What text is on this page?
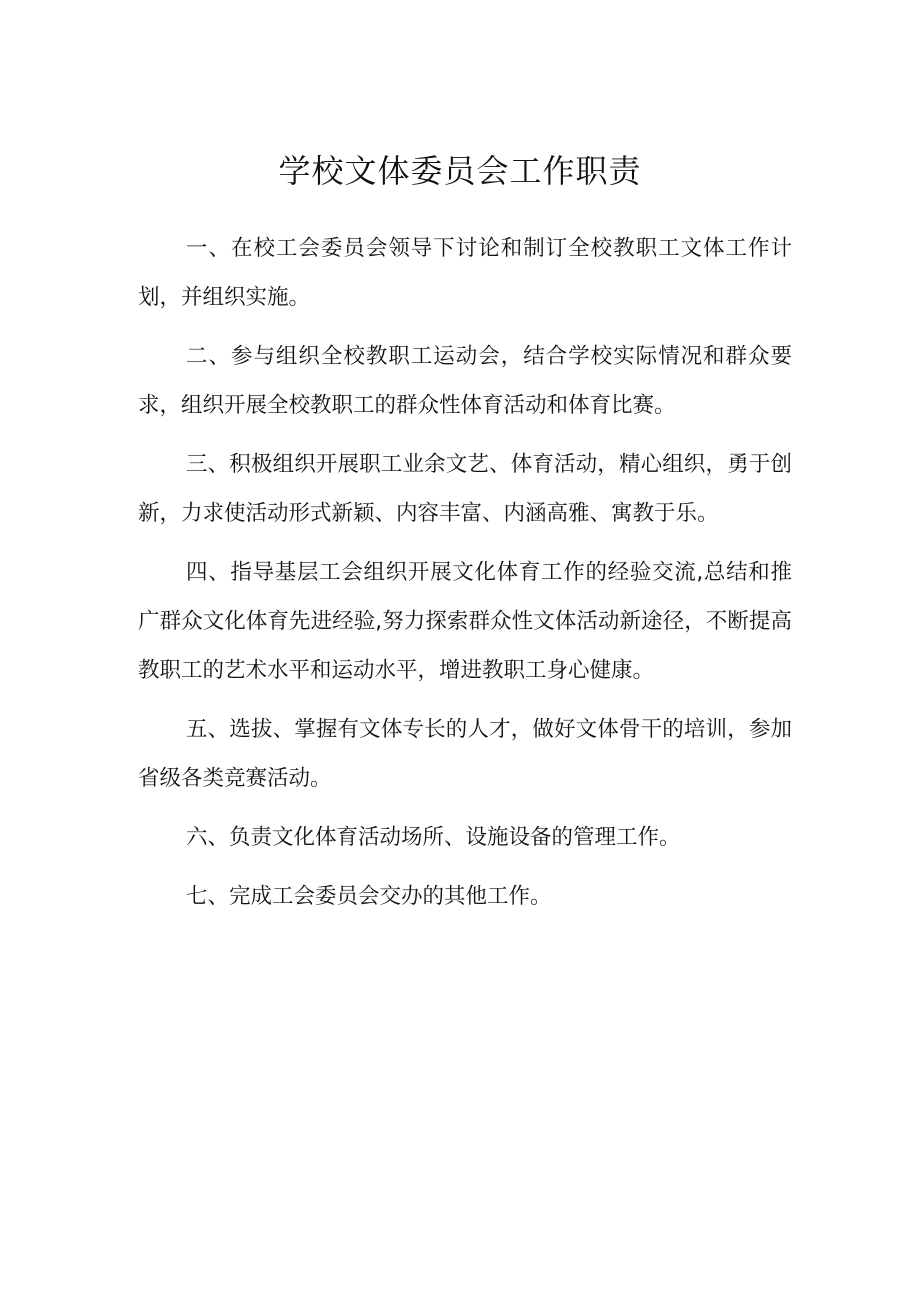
学校文体委员会工作职责

一、在校工会委员会领导下讨论和制订全校教职工文体工作计划，并组织实施。

二、参与组织全校教职工运动会，结合学校实际情况和群众要求，组织开展全校教职工的群众性体育活动和体育比赛。

三、积极组织开展职工业余文艺、体育活动，精心组织，勇于创新，力求使活动形式新颖、内容丰富、内涵高雅、寓教于乐。

四、指导基层工会组织开展文化体育工作的经验交流,总结和推广群众文化体育先进经验,努力探索群众性文体活动新途径，不断提高教职工的艺术水平和运动水平，增进教职工身心健康。

五、选拔、掌握有文体专长的人才，做好文体骨干的培训，参加省级各类竞赛活动。

六、负责文化体育活动场所、设施设备的管理工作。

七、完成工会委员会交办的其他工作。
